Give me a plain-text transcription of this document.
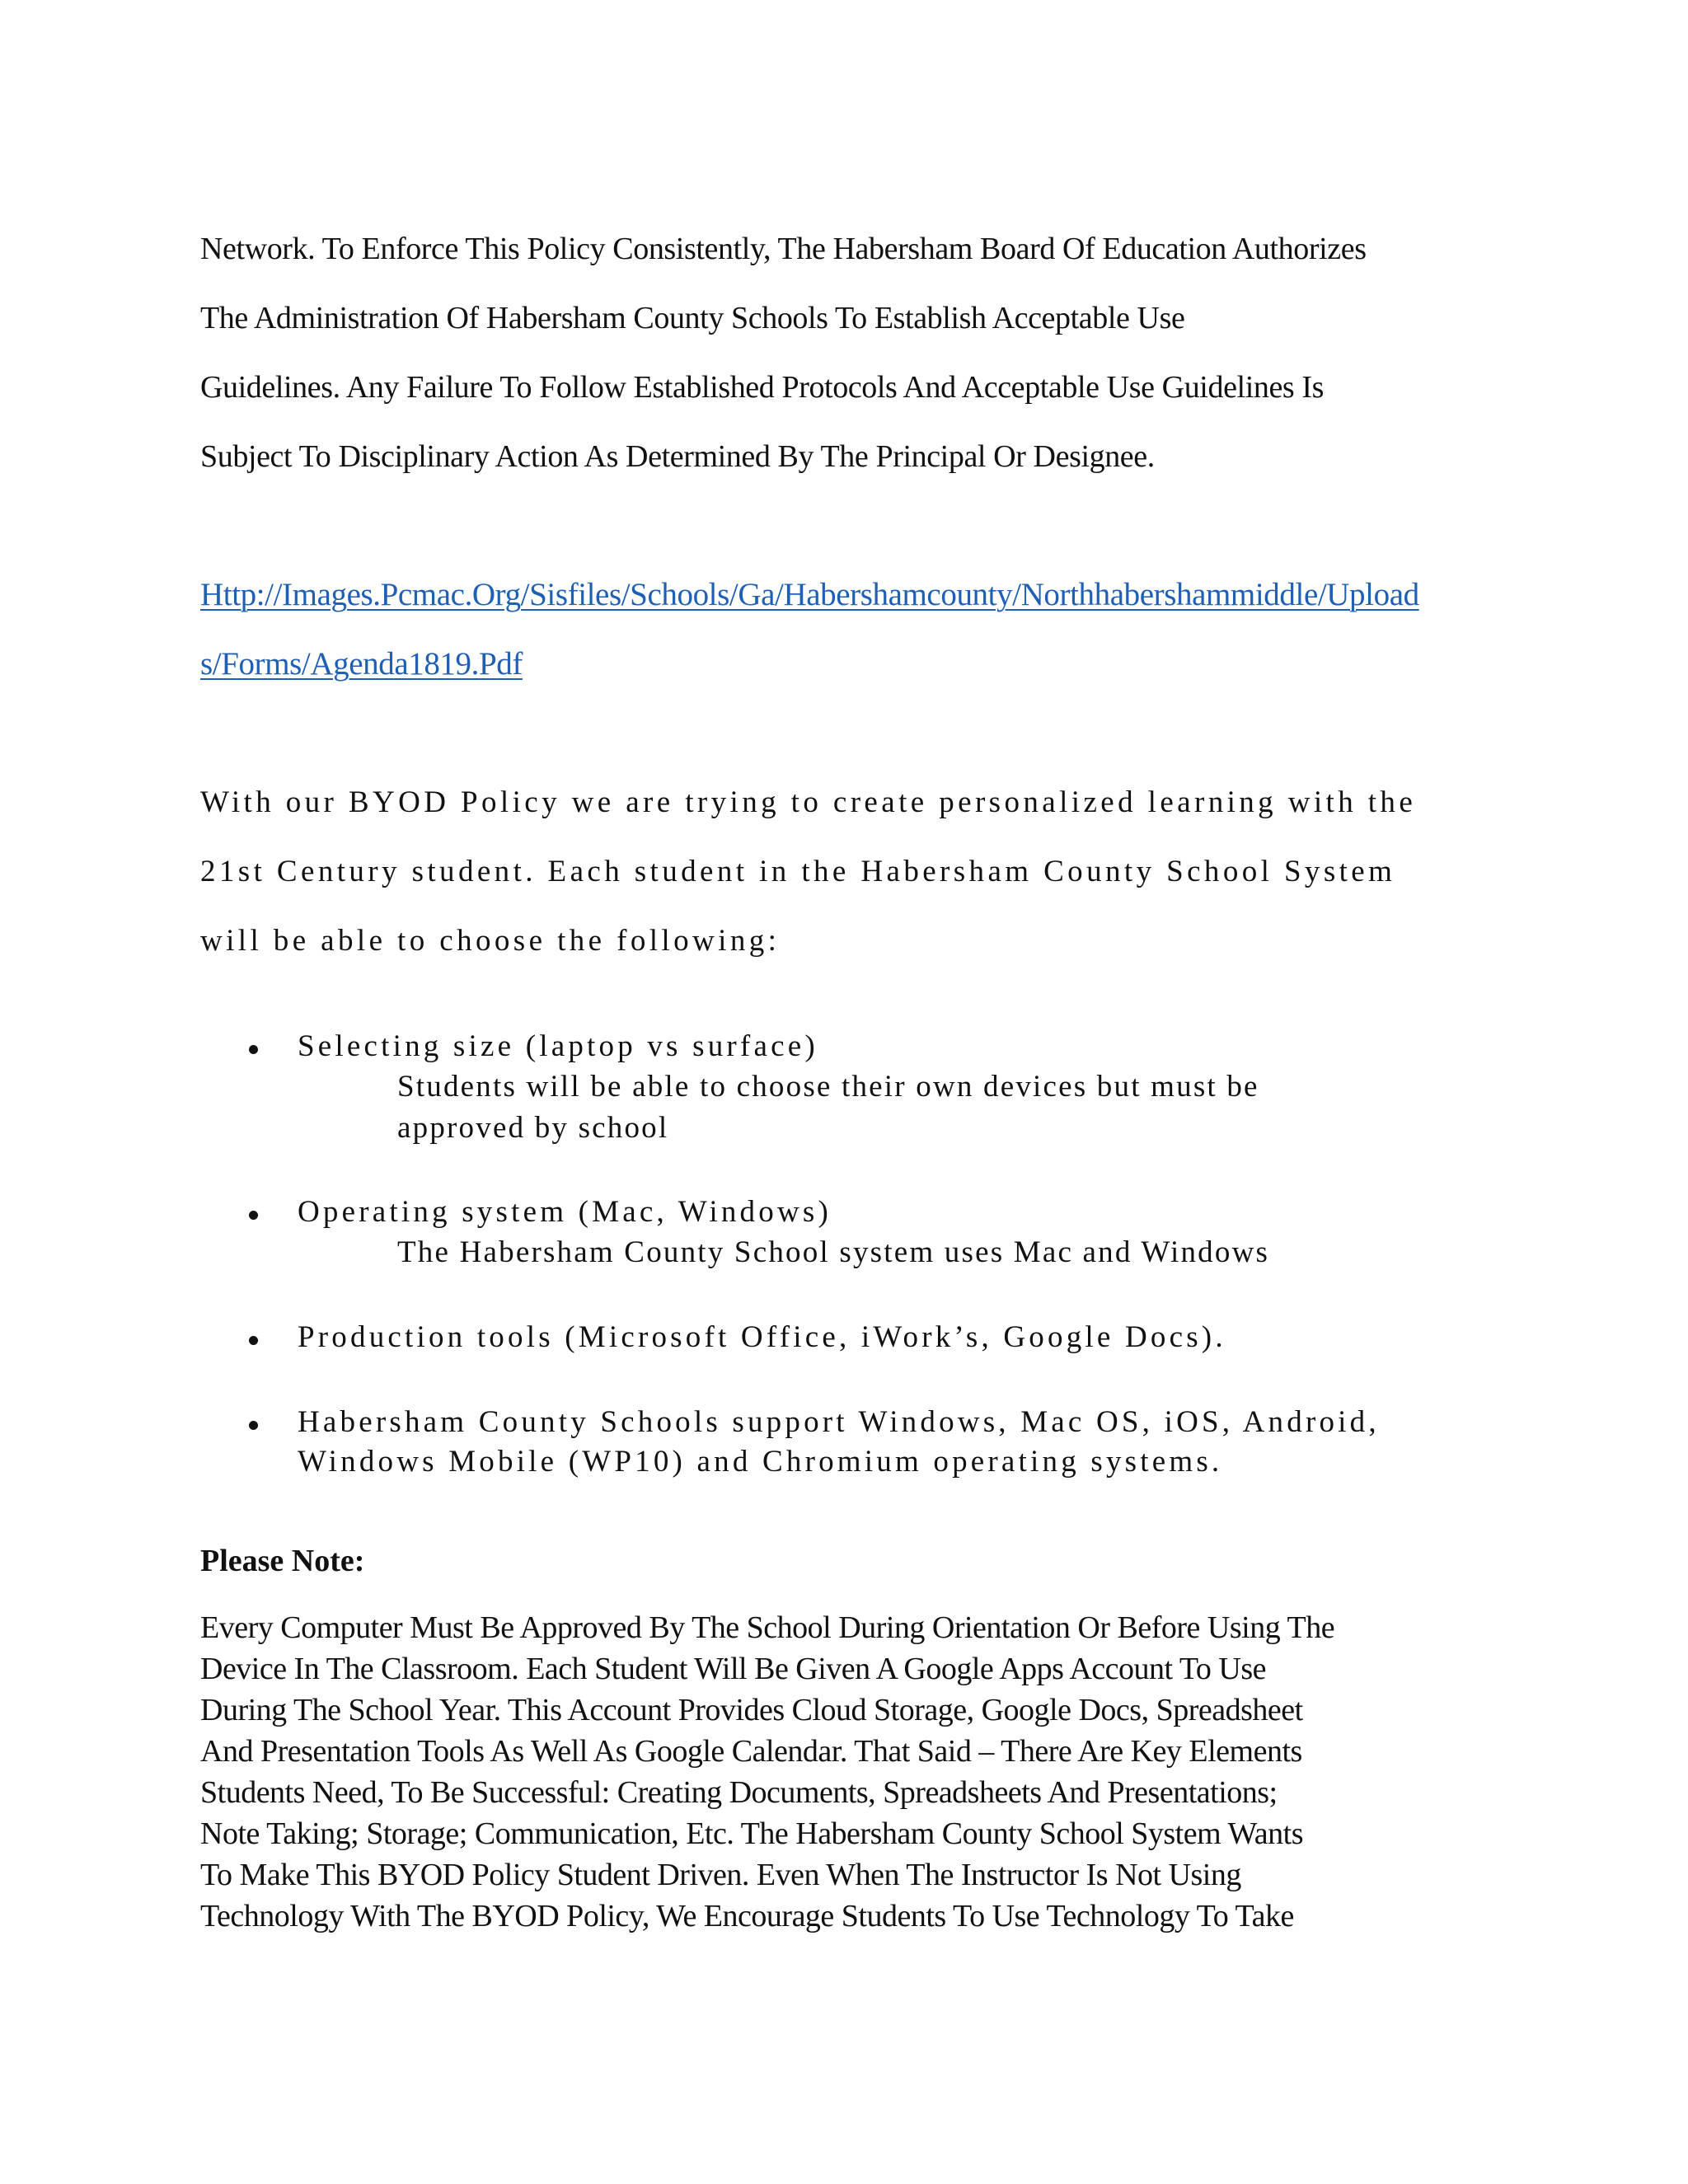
Network. To Enforce This Policy Consistently, The Habersham Board Of Education Authorizes
The Administration Of Habersham County Schools To Establish Acceptable Use
Guidelines. Any Failure To Follow Established Protocols And Acceptable Use Guidelines Is
Subject To Disciplinary Action As Determined By The Principal Or Designee.
Http://Images.Pcmac.Org/Sisfiles/Schools/Ga/Habershamcounty/Northhabershammiddle/Upload
s/Forms/Agenda1819.Pdf
With our BYOD Policy we are trying to create personalized learning with the
21st Century student. Each student in the Habersham County School System
will be able to choose the following:
Selecting size (laptop vs surface)
Students will be able to choose their own devices but must be
approved by school
Operating system (Mac, Windows)
The Habersham County School system uses Mac and Windows
Production tools (Microsoft Office, iWork’s, Google Docs).
Habersham County Schools support Windows, Mac OS, iOS, Android,
Windows Mobile (WP10) and Chromium operating systems.
Please Note:
Every Computer Must Be Approved By The School During Orientation Or Before Using The
Device In The Classroom. Each Student Will Be Given A Google Apps Account To Use
During The School Year. This Account Provides Cloud Storage, Google Docs, Spreadsheet
And Presentation Tools As Well As Google Calendar. That Said – There Are Key Elements
Students Need, To Be Successful: Creating Documents, Spreadsheets And Presentations;
Note Taking; Storage; Communication, Etc. The Habersham County School System Wants
To Make This BYOD Policy Student Driven. Even When The Instructor Is Not Using
Technology With The BYOD Policy, We Encourage Students To Use Technology To Take
